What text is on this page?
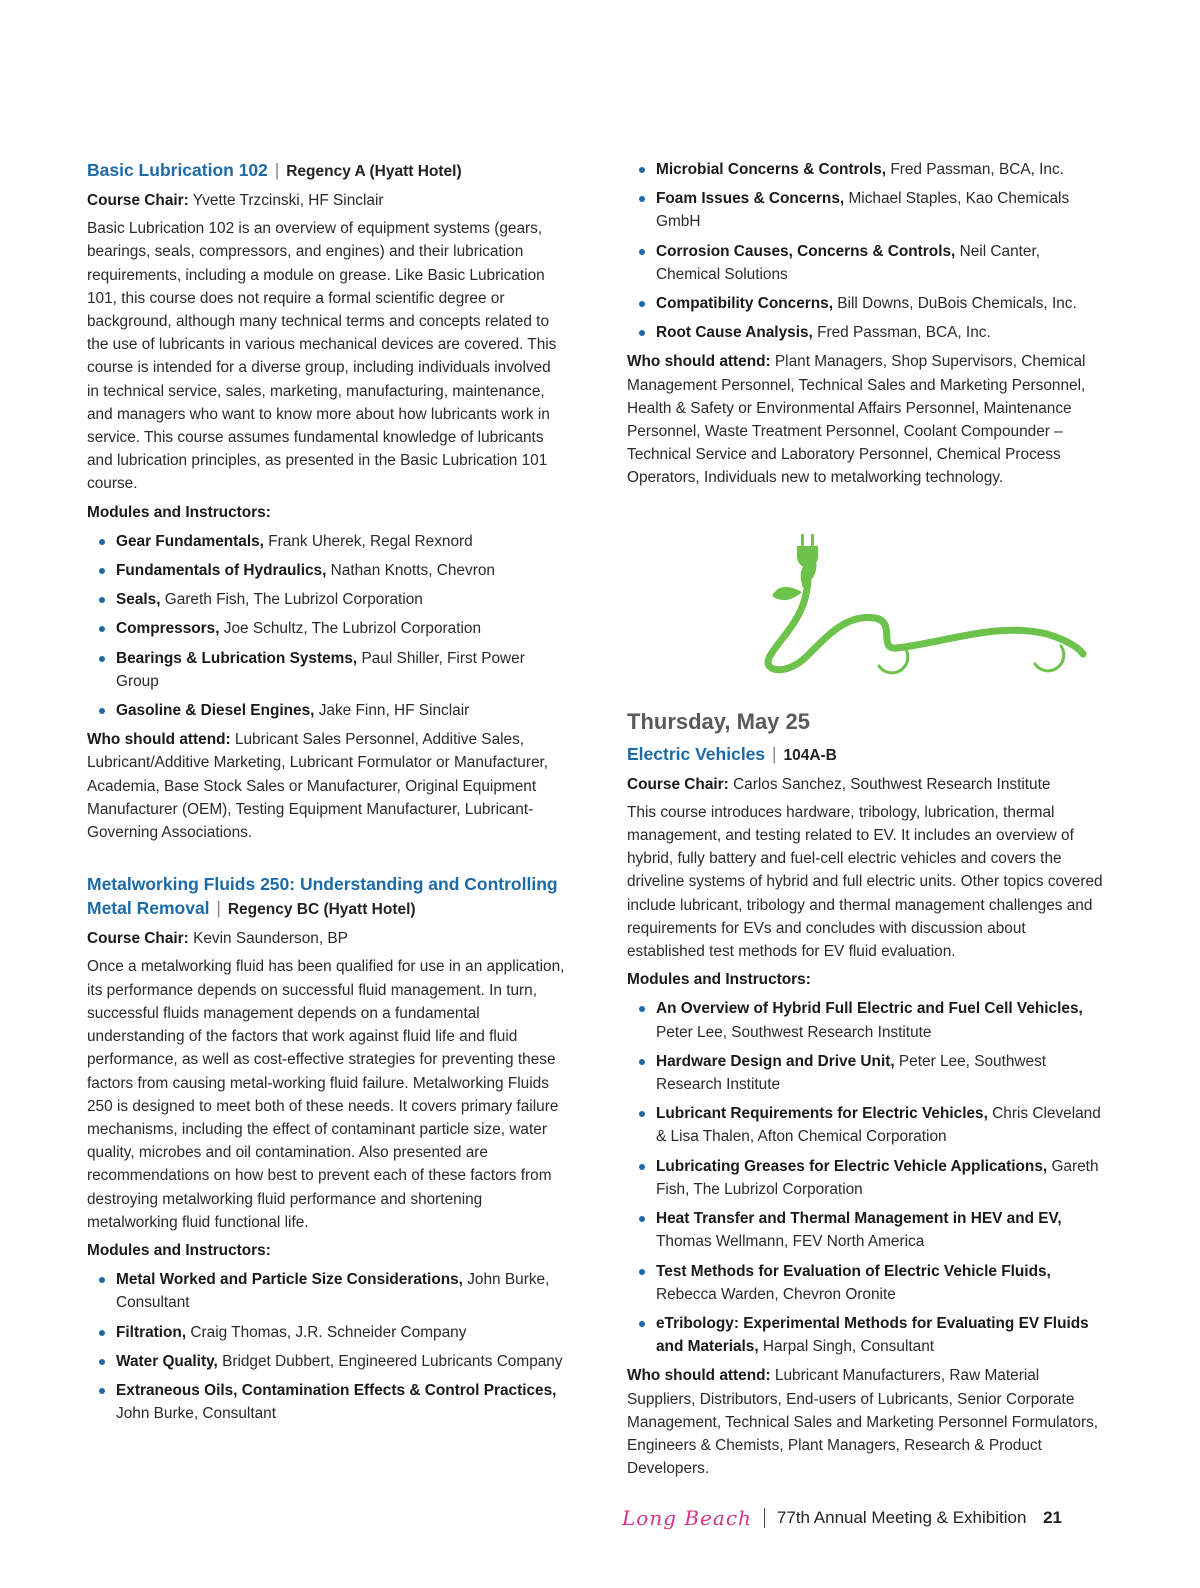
Basic Lubrication 102 | Regency A (Hyatt Hotel)

Course Chair: Yvette Trzcinski, HF Sinclair

Basic Lubrication 102 is an overview of equipment systems (gears, bearings, seals, compressors, and engines) and their lubrication requirements, including a module on grease. Like Basic Lubrication 101, this course does not require a formal scientific degree or background, although many technical terms and concepts related to the use of lubricants in various mechanical devices are covered. This course is intended for a diverse group, including individuals involved in technical service, sales, marketing, manufacturing, maintenance, and managers who want to know more about how lubricants work in service. This course assumes fundamental knowledge of lubricants and lubrication principles, as presented in the Basic Lubrication 101 course.

Modules and Instructors:

Gear Fundamentals, Frank Uherek, Regal Rexnord
Fundamentals of Hydraulics, Nathan Knotts, Chevron
Seals, Gareth Fish, The Lubrizol Corporation
Compressors, Joe Schultz, The Lubrizol Corporation
Bearings & Lubrication Systems, Paul Shiller, First Power Group
Gasoline & Diesel Engines, Jake Finn, HF Sinclair

Who should attend: Lubricant Sales Personnel, Additive Sales, Lubricant/Additive Marketing, Lubricant Formulator or Manufacturer, Academia, Base Stock Sales or Manufacturer, Original Equipment Manufacturer (OEM), Testing Equipment Manufacturer, Lubricant-Governing Associations.

Metalworking Fluids 250: Understanding and Controlling Metal Removal | Regency BC (Hyatt Hotel)

Course Chair: Kevin Saunderson, BP

Once a metalworking fluid has been qualified for use in an application, its performance depends on successful fluid management. In turn, successful fluids management depends on a fundamental understanding of the factors that work against fluid life and fluid performance, as well as cost-effective strategies for preventing these factors from causing metal-working fluid failure. Metalworking Fluids 250 is designed to meet both of these needs. It covers primary failure mechanisms, including the effect of contaminant particle size, water quality, microbes and oil contamination. Also presented are recommendations on how best to prevent each of these factors from destroying metalworking fluid performance and shortening metalworking fluid functional life.

Modules and Instructors:

Metal Worked and Particle Size Considerations, John Burke, Consultant
Filtration, Craig Thomas, J.R. Schneider Company
Water Quality, Bridget Dubbert, Engineered Lubricants Company
Extraneous Oils, Contamination Effects & Control Practices, John Burke, Consultant
Microbial Concerns & Controls, Fred Passman, BCA, Inc.
Foam Issues & Concerns, Michael Staples, Kao Chemicals GmbH
Corrosion Causes, Concerns & Controls, Neil Canter, Chemical Solutions
Compatibility Concerns, Bill Downs, DuBois Chemicals, Inc.
Root Cause Analysis, Fred Passman, BCA, Inc.

Who should attend: Plant Managers, Shop Supervisors, Chemical Management Personnel, Technical Sales and Marketing Personnel, Health & Safety or Environmental Affairs Personnel, Maintenance Personnel, Waste Treatment Personnel, Coolant Compounder – Technical Service and Laboratory Personnel, Chemical Process Operators, Individuals new to metalworking technology.

Thursday, May 25
Electric Vehicles | 104A-B

Course Chair: Carlos Sanchez, Southwest Research Institute

This course introduces hardware, tribology, lubrication, thermal management, and testing related to EV. It includes an overview of hybrid, fully battery and fuel-cell electric vehicles and covers the driveline systems of hybrid and full electric units. Other topics covered include lubricant, tribology and thermal management challenges and requirements for EVs and concludes with discussion about established test methods for EV fluid evaluation.

Modules and Instructors:

An Overview of Hybrid Full Electric and Fuel Cell Vehicles, Peter Lee, Southwest Research Institute
Hardware Design and Drive Unit, Peter Lee, Southwest Research Institute
Lubricant Requirements for Electric Vehicles, Chris Cleveland & Lisa Thalen, Afton Chemical Corporation
Lubricating Greases for Electric Vehicle Applications, Gareth Fish, The Lubrizol Corporation
Heat Transfer and Thermal Management in HEV and EV, Thomas Wellmann, FEV North America
Test Methods for Evaluation of Electric Vehicle Fluids, Rebecca Warden, Chevron Oronite
eTribology: Experimental Methods for Evaluating EV Fluids and Materials, Harpal Singh, Consultant

Who should attend: Lubricant Manufacturers, Raw Material Suppliers, Distributors, End-users of Lubricants, Senior Corporate Management, Technical Sales and Marketing Personnel Formulators, Engineers & Chemists, Plant Managers, Research & Product Developers.

Long Beach 77th Annual Meeting & Exhibition 21
